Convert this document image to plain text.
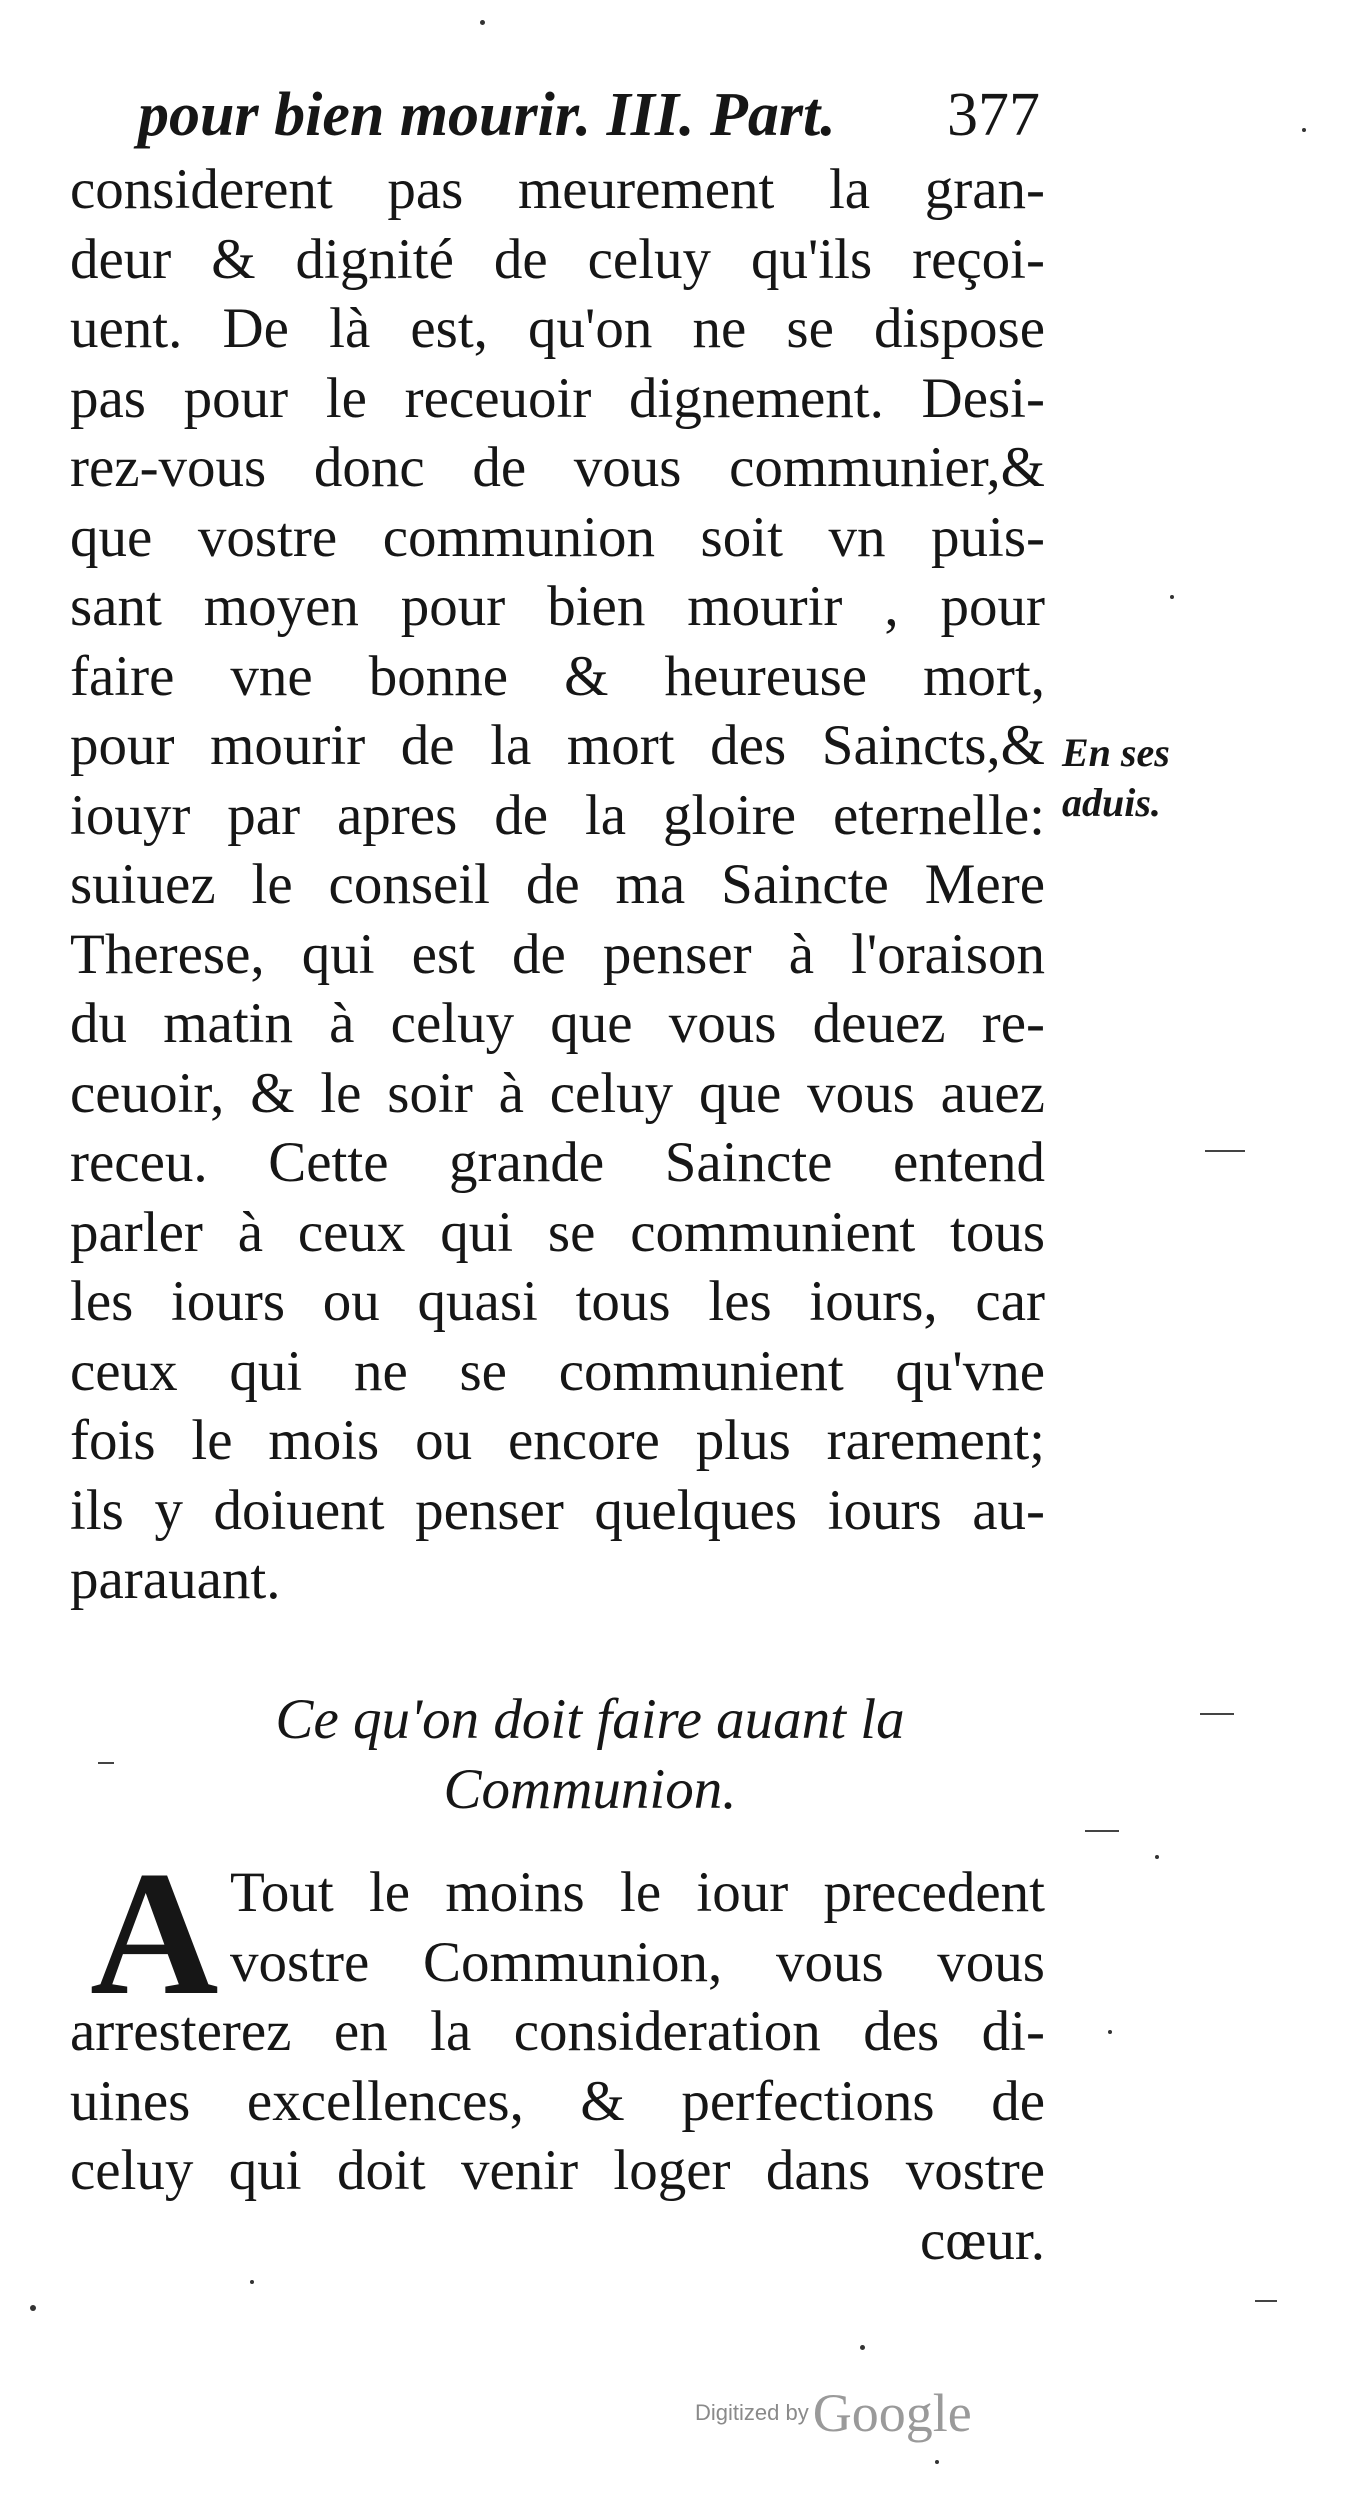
pour bien mourir. III. Part. 377
considerent pas meurement la gran-
deur & dignité de celuy qu'ils reçoi-
uent. De là est, qu'on ne se dispose
pas pour le receuoir dignement. Desi-
rez-vous donc de vous communier,&
que vostre communion soit vn puis-
sant moyen pour bien mourir , pour
faire vne bonne & heureuse mort,
pour mourir de la mort des Saincts,&
iouyr par apres de la gloire eternelle:
suiuez le conseil de ma Saincte Mere
Therese, qui est de penser à l'oraison
du matin à celuy que vous deuez re-
ceuoir, & le soir à celuy que vous auez
receu. Cette grande Saincte entend
parler à ceux qui se communient tous
les iours ou quasi tous les iours, car
ceux qui ne se communient qu'vne
fois le mois ou encore plus rarement;
ils y doiuent penser quelques iours au-
parauant.
En ses
aduis.
Ce qu'on doit faire auant la
Communion.
A Tout le moins le iour precedent
vostre Communion, vous vous
arresterez en la consideration des di-
uines excellences, & perfections de
celuy qui doit venir loger dans vostre
cœur.
Digitized by Google
